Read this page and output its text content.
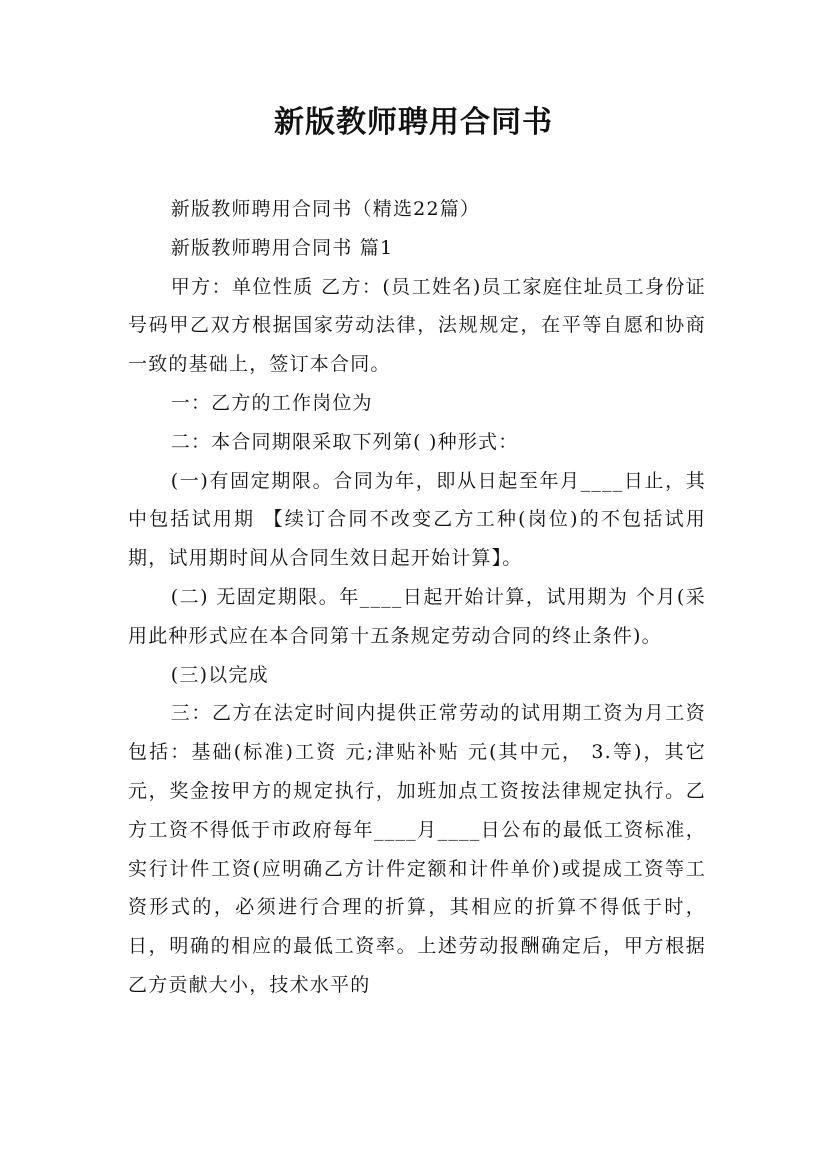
新版教师聘用合同书

新版教师聘用合同书（精选22篇）

新版教师聘用合同书 篇1

甲方：单位性质 乙方：(员工姓名)员工家庭住址员工身份证号码甲乙双方根据国家劳动法律，法规规定，在平等自愿和协商一致的基础上，签订本合同。

一：乙方的工作岗位为

二：本合同期限采取下列第( )种形式：

(一)有固定期限。合同为年，即从日起至年月____日止，其中包括试用期 【续订合同不改变乙方工种(岗位)的不包括试用期，试用期时间从合同生效日起开始计算】。

(二) 无固定期限。年____日起开始计算，试用期为 个月(采用此种形式应在本合同第十五条规定劳动合同的终止条件)。

(三)以完成

三：乙方在法定时间内提供正常劳动的试用期工资为月工资包括：基础(标准)工资 元;津贴补贴 元(其中元， 3.等)，其它 元，奖金按甲方的规定执行，加班加点工资按法律规定执行。乙方工资不得低于市政府每年____月____日公布的最低工资标准，实行计件工资(应明确乙方计件定额和计件单价)或提成工资等工资形式的，必须进行合理的折算，其相应的折算不得低于时，日，明确的相应的最低工资率。上述劳动报酬确定后，甲方根据乙方贡献大小，技术水平的
